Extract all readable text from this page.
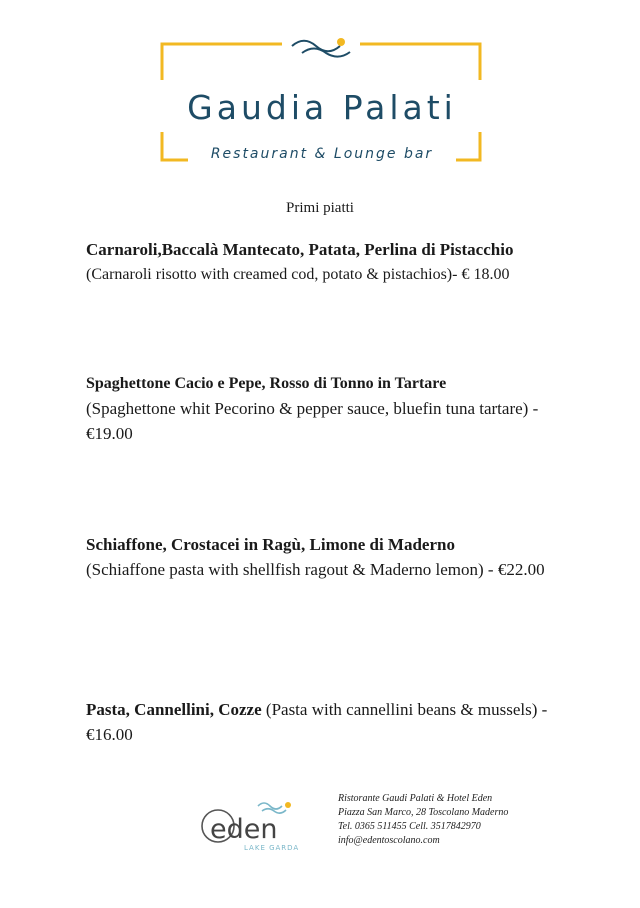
Gaudia Palati
Restaurant & Lounge bar
Primi piatti
Carnaroli,Baccalà Mantecato, Patata, Perlina di Pistacchio
(Carnaroli risotto with creamed cod, potato & pistachios)- € 18.00
Spaghettone Cacio e Pepe, Rosso di Tonno in Tartare
(Spaghettone whit Pecorino & pepper sauce, bluefin tuna tartare) - €19.00
Schiaffone, Crostacei in Ragù, Limone di Maderno
(Schiaffone pasta with shellfish ragout & Maderno lemon) - €22.00
Pasta, Cannellini, Cozze (Pasta with cannellini beans & mussels) - €16.00
eden
LAKE GARDA
Ristorante Gaudi Palati & Hotel Eden
Piazza San Marco, 28 Toscolano Maderno
Tel. 0365 511455 Cell. 3517842970
info@edentoscolano.com
